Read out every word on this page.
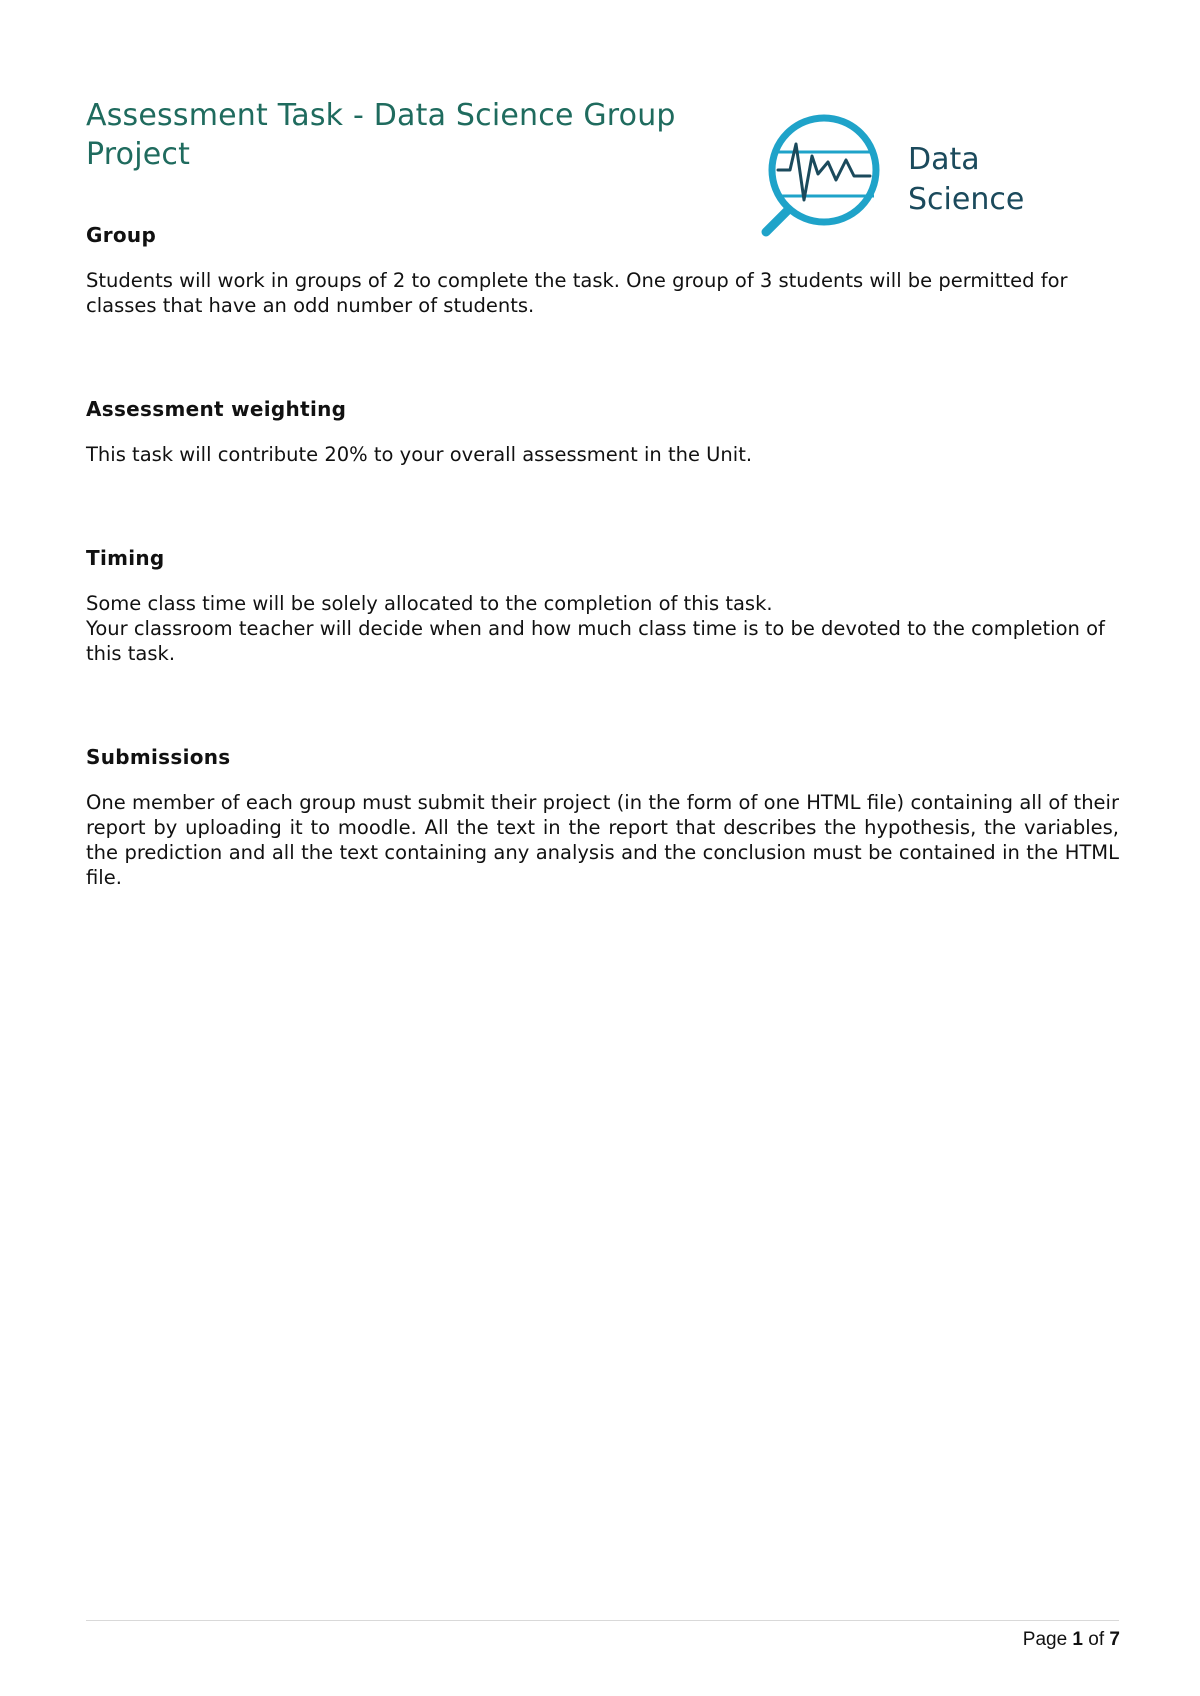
Assessment Task - Data Science Group Project	Data
Science
Group

Students will work in groups of 2 to complete the task. One group of 3 students will be permitted for classes that have an odd number of students.

Assessment weighting

This task will contribute 20% to your overall assessment in the Unit.

Timing

Some class time will be solely allocated to the completion of this task.
Your classroom teacher will decide when and how much class time is to be devoted to the completion of this task.

Submissions

One member of each group must submit their project (in the form of one HTML file) containing all of their report by uploading it to moodle. All the text in the report that describes the hypothesis, the variables, the prediction and all the text containing any analysis and the conclusion must be contained in the HTML file.

Page 1 of 7
